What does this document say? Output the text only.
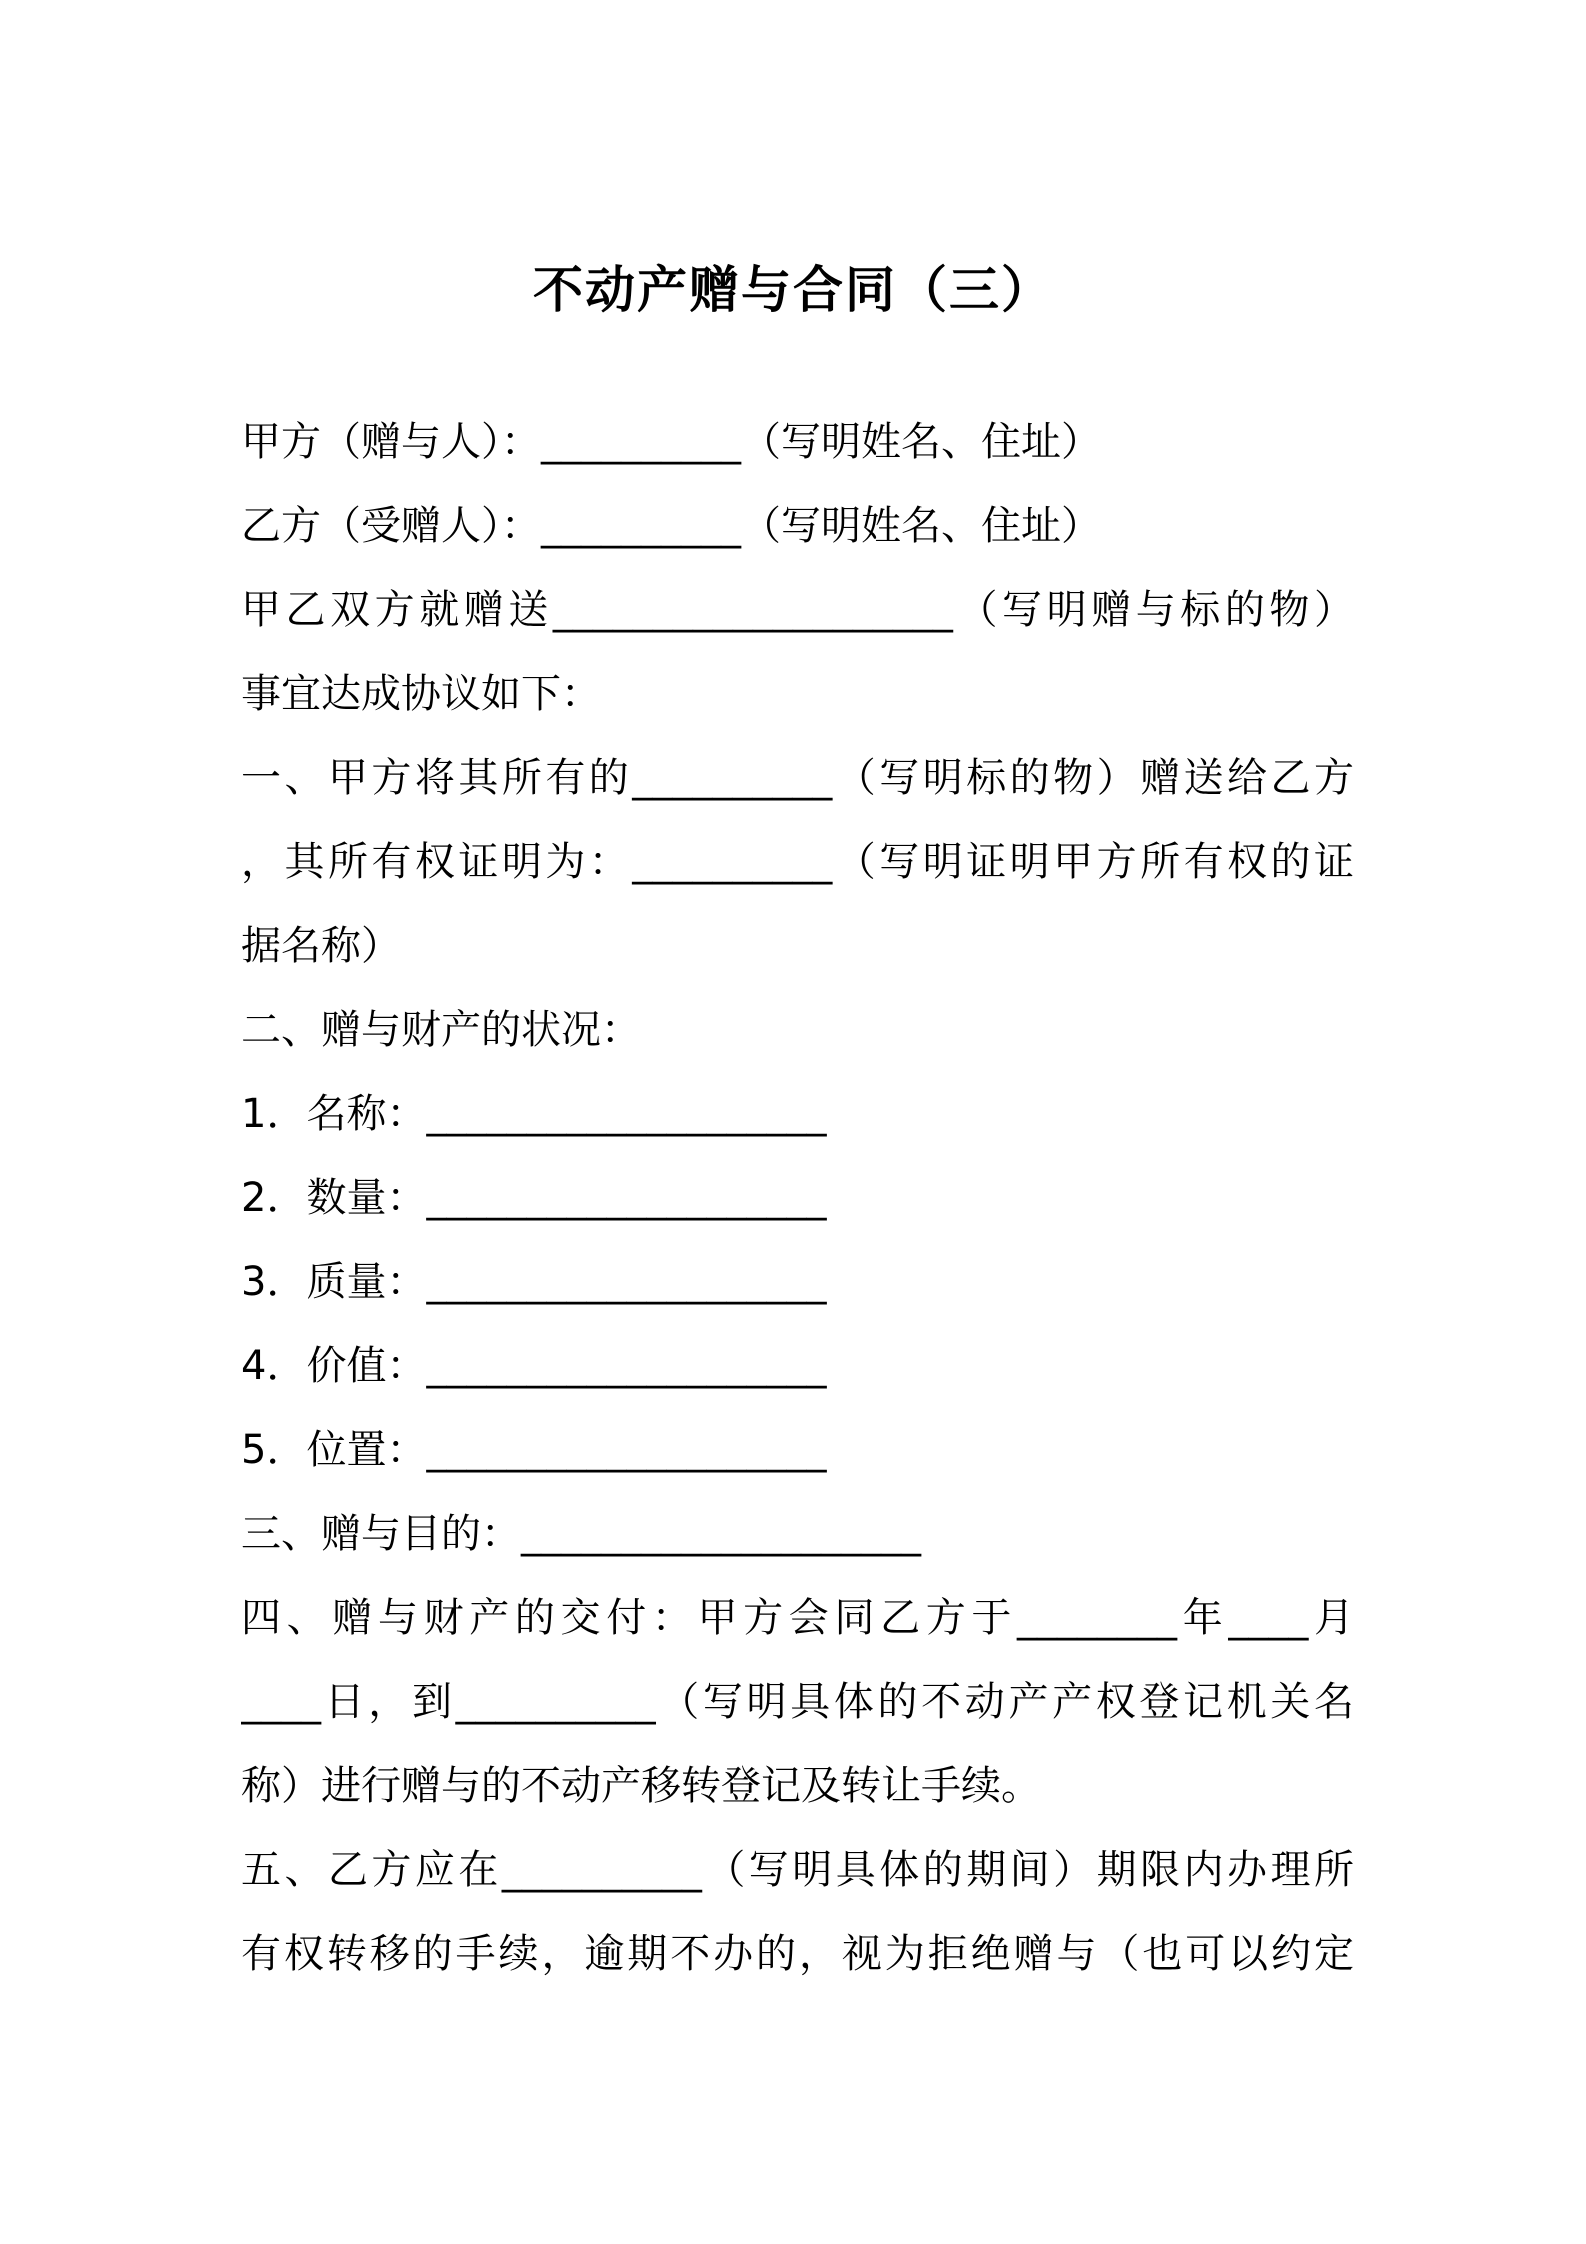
不动产赠与合同（三）
甲方（赠与人）：__________（写明姓名、住址）
乙方（受赠人）：__________（写明姓名、住址）
甲乙双方就赠送____________________（写明赠与标的物）
事宜达成协议如下：
一、甲方将其所有的__________（写明标的物）赠送给乙方
，其所有权证明为：__________（写明证明甲方所有权的证
据名称）
二、赠与财产的状况：
1．名称：____________________
2．数量：____________________
3．质量：____________________
4．价值：____________________
5．位置：____________________
三、赠与目的：____________________
四、赠与财产的交付：甲方会同乙方于________年____月
____日，到__________（写明具体的不动产产权登记机关名
称）进行赠与的不动产移转登记及转让手续。
五、乙方应在__________（写明具体的期间）期限内办理所
有权转移的手续，逾期不办的，视为拒绝赠与（也可以约定
